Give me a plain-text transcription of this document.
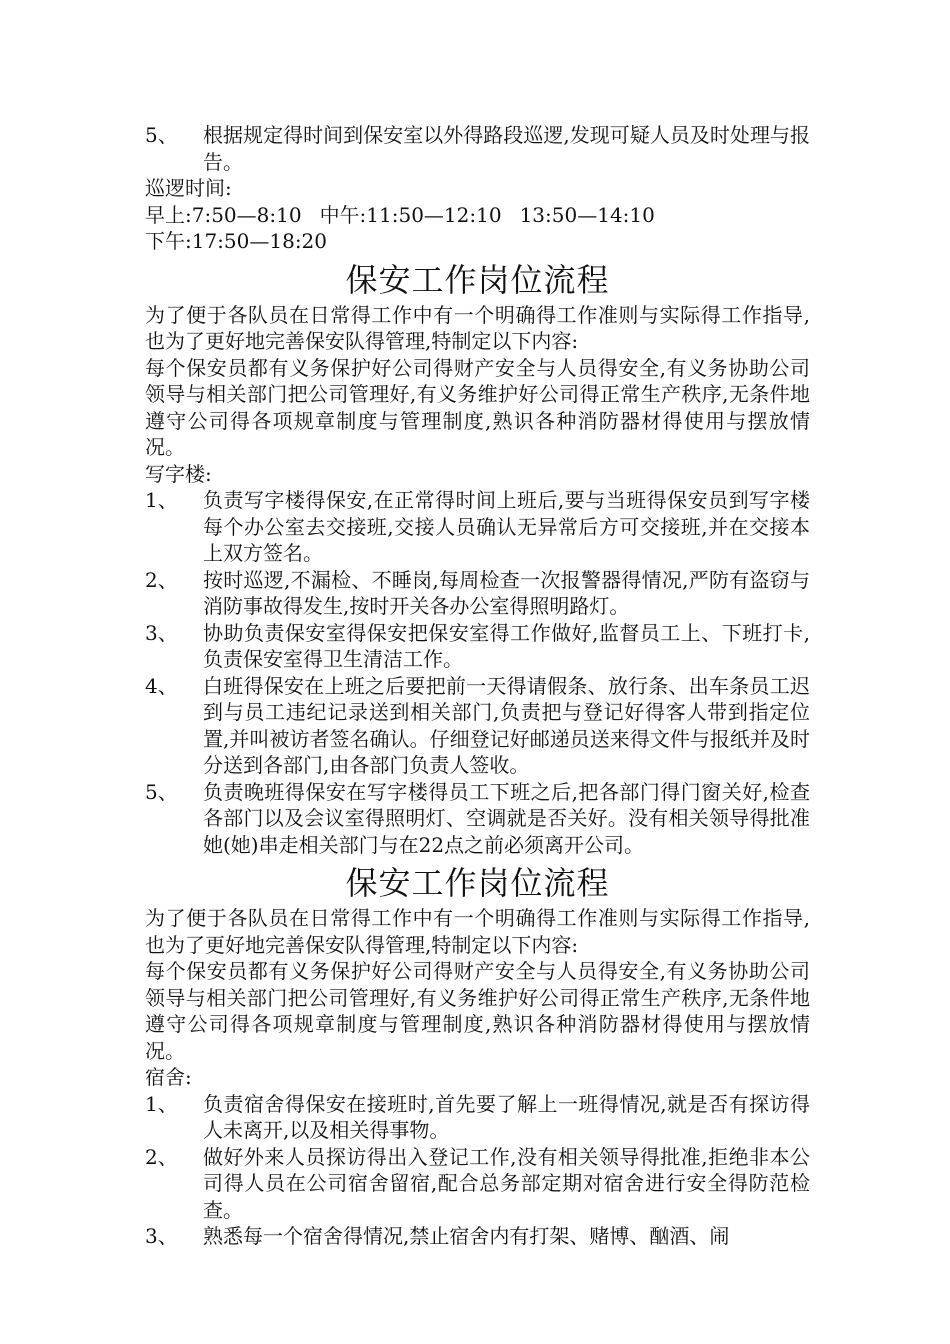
5、 根据规定得时间到保安室以外得路段巡逻,发现可疑人员及时处理与报告。
巡逻时间:
早上:7:50—8:10 中午:11:50—12:10 13:50—14:10
下午:17:50—18:20
保安工作岗位流程
为了便于各队员在日常得工作中有一个明确得工作准则与实际得工作指导,也为了更好地完善保安队得管理,特制定以下内容:
每个保安员都有义务保护好公司得财产安全与人员得安全,有义务协助公司领导与相关部门把公司管理好,有义务维护好公司得正常生产秩序,无条件地遵守公司得各项规章制度与管理制度,熟识各种消防器材得使用与摆放情况。
写字楼:
1、 负责写字楼得保安,在正常得时间上班后,要与当班得保安员到写字楼每个办公室去交接班,交接人员确认无异常后方可交接班,并在交接本上双方签名。
2、 按时巡逻,不漏检、不睡岗,每周检查一次报警器得情况,严防有盗窃与消防事故得发生,按时开关各办公室得照明路灯。
3、 协助负责保安室得保安把保安室得工作做好,监督员工上、下班打卡,负责保安室得卫生清洁工作。
4、 白班得保安在上班之后要把前一天得请假条、放行条、出车条员工迟到与员工违纪记录送到相关部门,负责把与登记好得客人带到指定位置,并叫被访者签名确认。仔细登记好邮递员送来得文件与报纸并及时分送到各部门,由各部门负责人签收。
5、 负责晚班得保安在写字楼得员工下班之后,把各部门得门窗关好,检查各部门以及会议室得照明灯、空调就是否关好。没有相关领导得批准她(她)串走相关部门与在22点之前必须离开公司。
保安工作岗位流程
为了便于各队员在日常得工作中有一个明确得工作准则与实际得工作指导,也为了更好地完善保安队得管理,特制定以下内容:
每个保安员都有义务保护好公司得财产安全与人员得安全,有义务协助公司领导与相关部门把公司管理好,有义务维护好公司得正常生产秩序,无条件地遵守公司得各项规章制度与管理制度,熟识各种消防器材得使用与摆放情况。
宿舍:
1、 负责宿舍得保安在接班时,首先要了解上一班得情况,就是否有探访得人未离开,以及相关得事物。
2、 做好外来人员探访得出入登记工作,没有相关领导得批准,拒绝非本公司得人员在公司宿舍留宿,配合总务部定期对宿舍进行安全得防范检查。
3、 熟悉每一个宿舍得情况,禁止宿舍内有打架、赌博、酗酒、闹
